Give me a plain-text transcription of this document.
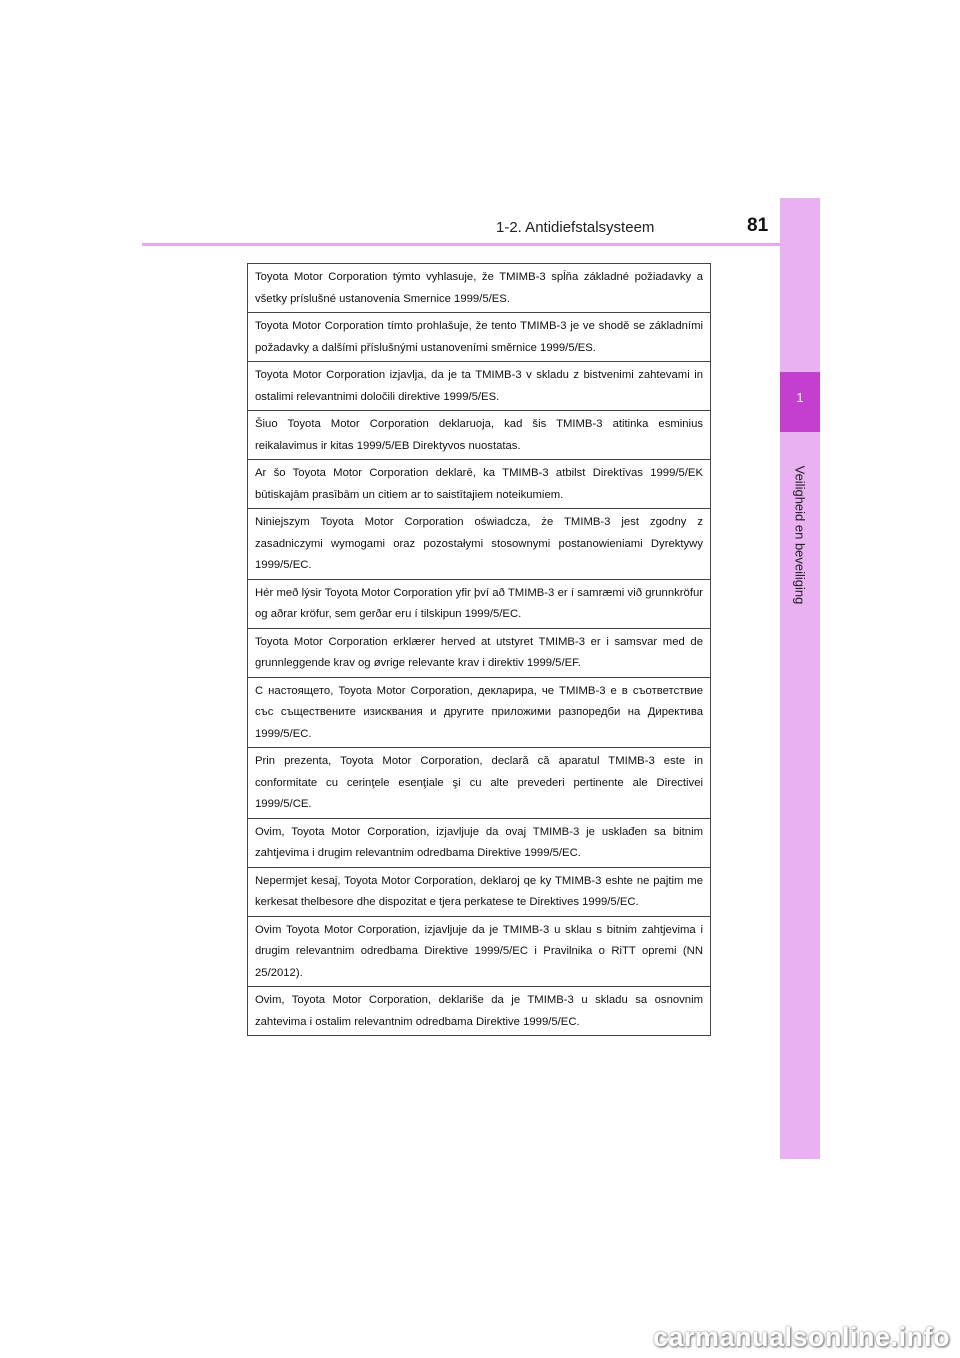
1-2. Antidiefstalsysteem	81
1
Veiligheid en beveiliging
Toyota Motor Corporation týmto vyhlasuje, že TMIMB-3 spĺňa základné požiadavky a všetky príslušné ustanovenia Smernice 1999/5/ES.
Toyota Motor Corporation tímto prohlašuje, že tento TMIMB-3 je ve shodě se základními požadavky a dalšími příslušnými ustanoveními směrnice 1999/5/ES.
Toyota Motor Corporation izjavlja, da je ta TMIMB-3 v skladu z bistvenimi zahtevami in ostalimi relevantnimi določili direktive 1999/5/ES.
Šiuo Toyota Motor Corporation deklaruoja, kad šis TMIMB-3 atitinka esminius reikalavimus ir kitas 1999/5/EB Direktyvos nuostatas.
Ar šo Toyota Motor Corporation deklarē, ka TMIMB-3 atbilst Direktīvas 1999/5/EK būtiskajām prasībām un citiem ar to saistītajiem noteikumiem.
Niniejszym Toyota Motor Corporation oświadcza, że TMIMB-3 jest zgodny z zasadniczymi wymogami oraz pozostałymi stosownymi postanowieniami Dyrektywy 1999/5/EC.
Hér með lýsir Toyota Motor Corporation yfir því að TMIMB-3 er í samræmi við grunnkröfur og aðrar kröfur, sem gerðar eru í tilskipun 1999/5/EC.
Toyota Motor Corporation erklærer herved at utstyret TMIMB-3 er i samsvar med de grunnleggende krav og øvrige relevante krav i direktiv 1999/5/EF.
С настоящето, Toyota Motor Corporation, декларира, че TMIMB-3 е в съответствие със съществените изисквания и другите приложими разпоредби на Директива 1999/5/EC.
Prin prezenta, Toyota Motor Corporation, declară că aparatul TMIMB-3 este in conformitate cu cerinţele esenţiale şi cu alte prevederi pertinente ale Directivei 1999/5/CE.
Ovim, Toyota Motor Corporation, izjavljuje da ovaj TMIMB-3 je usklađen sa bitnim zahtjevima i drugim relevantnim odredbama Direktive 1999/5/EC.
Nepermjet kesaj, Toyota Motor Corporation, deklaroj qe ky TMIMB-3 eshte ne pajtim me kerkesat thelbesore dhe dispozitat e tjera perkatese te Direktives 1999/5/EC.
Ovim Toyota Motor Corporation, izjavljuje da je TMIMB-3 u sklau s bitnim zahtjevima i drugim relevantnim odredbama Direktive 1999/5/EC i Pravilnika o RiTT opremi (NN 25/2012).
Ovim, Toyota Motor Corporation, deklariše da je TMIMB-3 u skladu sa osnovnim zahtevima i ostalim relevantnim odredbama Direktive 1999/5/EC.
carmanualsonline.info
